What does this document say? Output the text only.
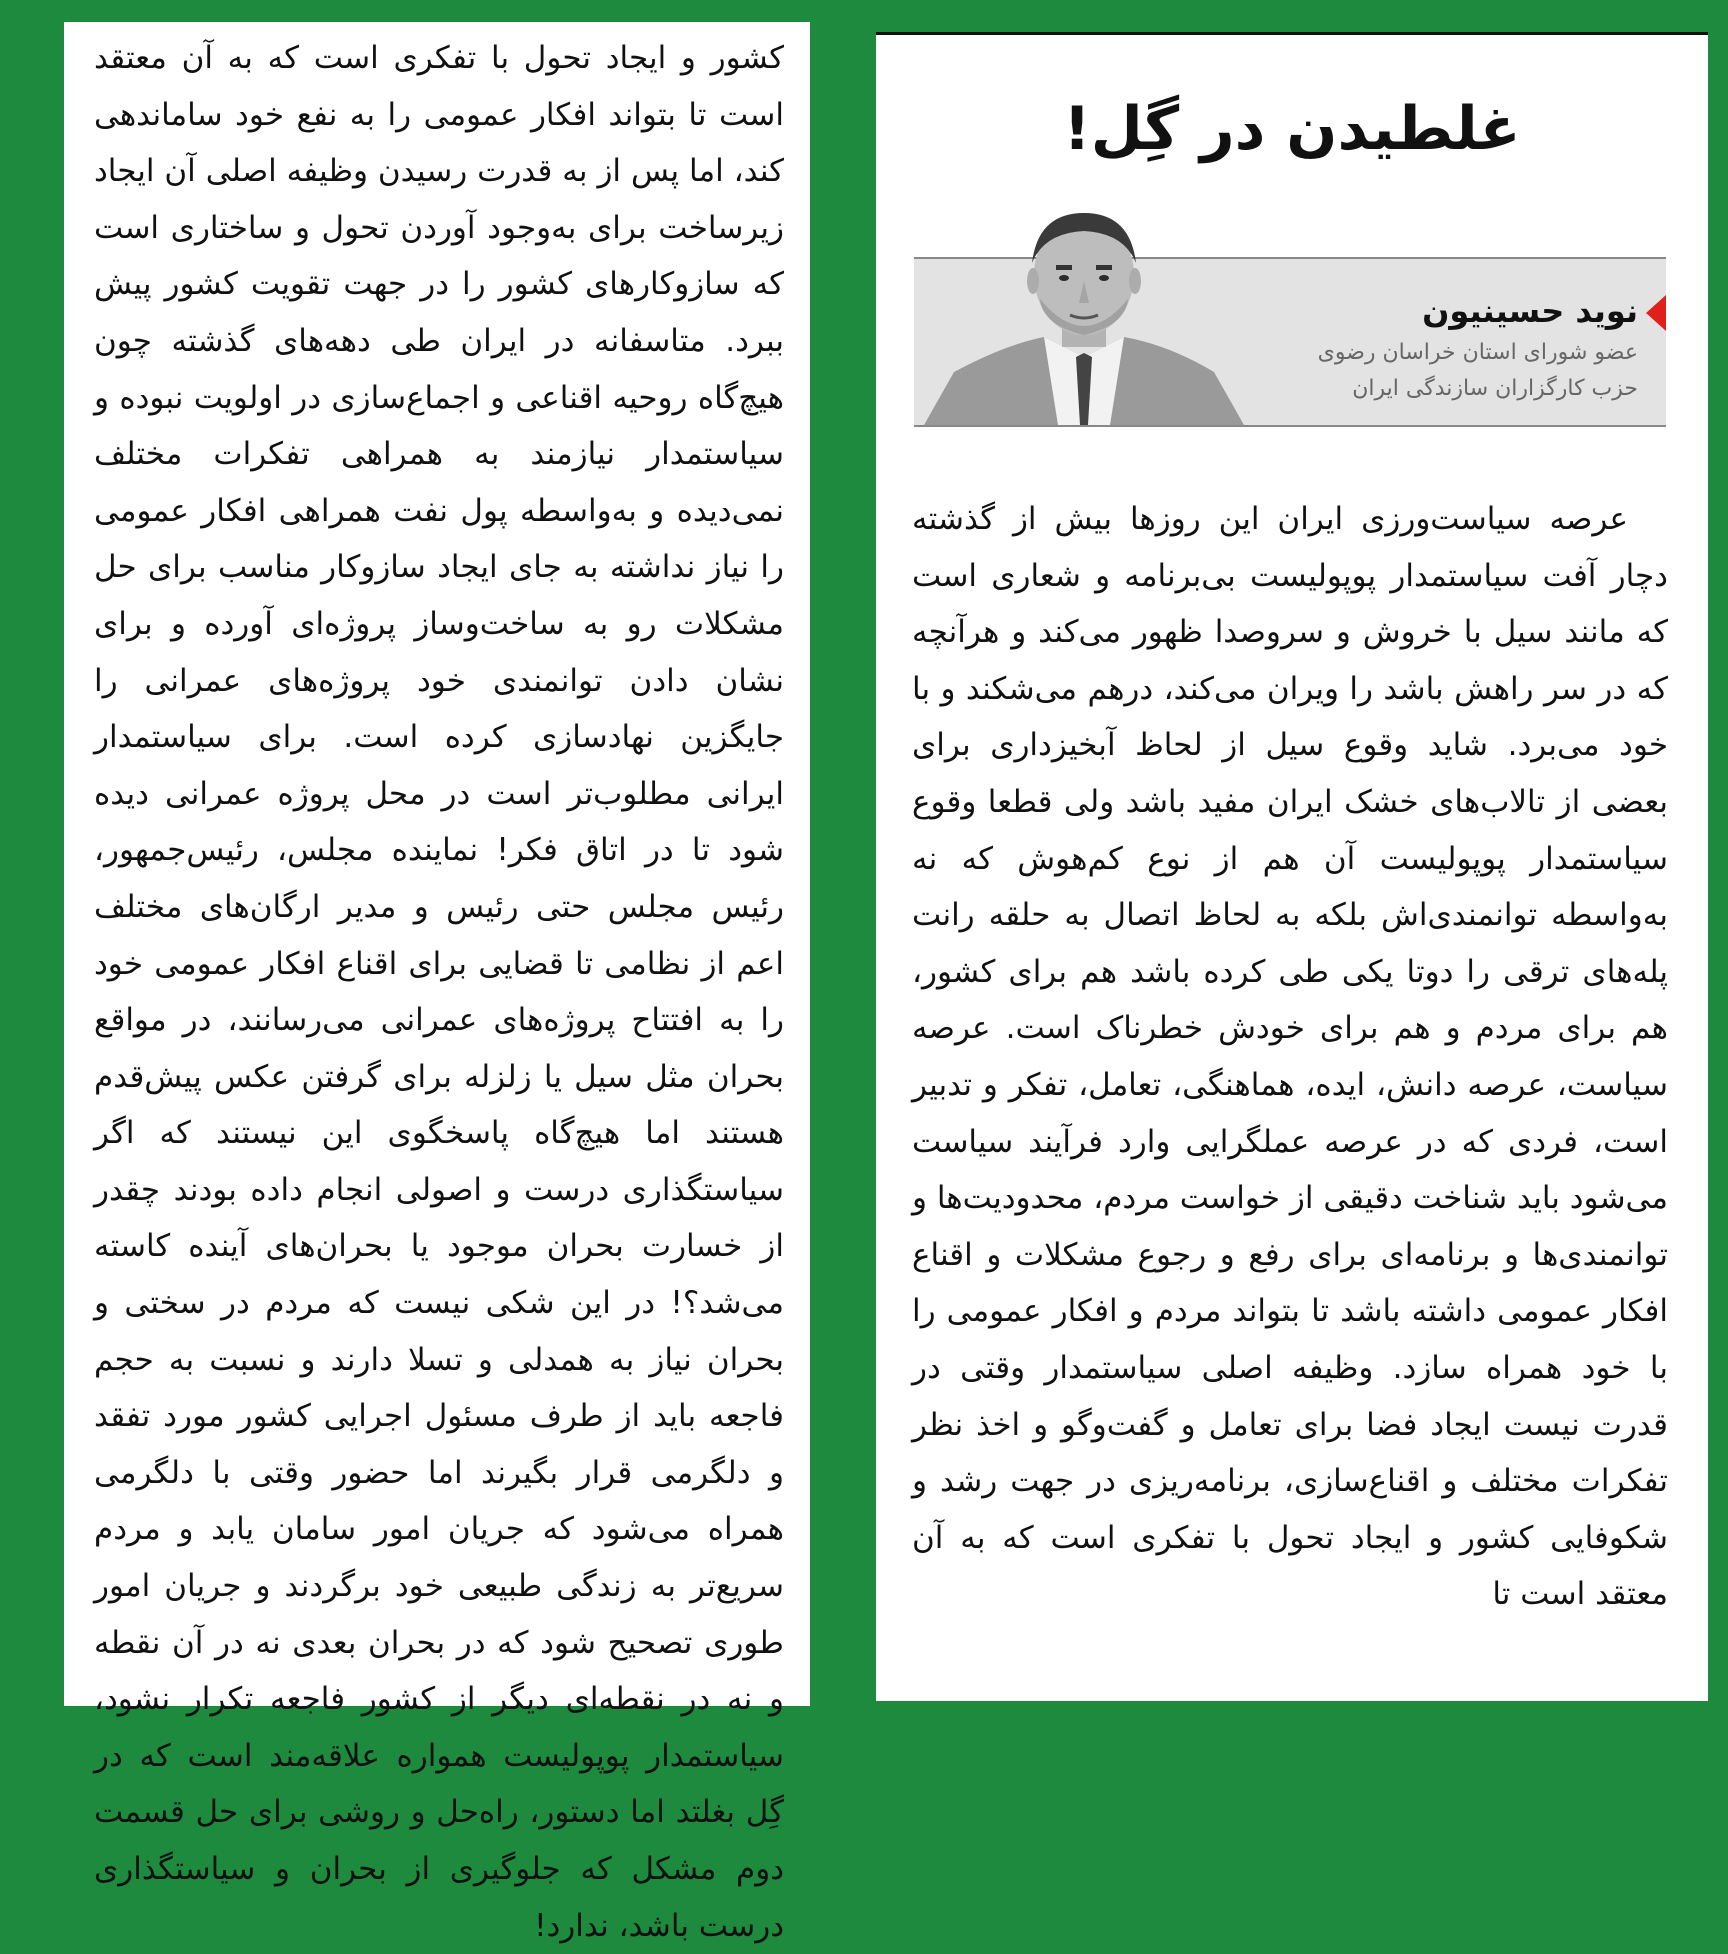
کشور و ایجاد تحول با تفکری است که به آن معتقد است تا بتواند افکار عمومی را به نفع خود ساماندهی کند، اما پس از به قدرت رسیدن وظیفه اصلی آن ایجاد زیرساخت برای به‌وجود آوردن تحول و ساختاری است که سازوکارهای کشور را در جهت تقویت کشور پیش ببرد. متاسفانه در ایران طی دهه‌های گذشته چون هیچ‌گاه روحیه اقناعی و اجماع‌سازی در اولویت نبوده و سیاستمدار نیازمند به همراهی تفکرات مختلف نمی‌دیده و به‌واسطه پول نفت همراهی افکار عمومی را نیاز نداشته به جای ایجاد سازوکار مناسب برای حل مشکلات رو به ساخت‌وساز پروژه‌ای آورده و برای نشان دادن توانمندی خود پروژه‌های عمرانی را جایگزین نهادسازی کرده است. برای سیاستمدار ایرانی مطلوب‌تر است در محل پروژه عمرانی دیده شود تا در اتاق فکر! نماینده مجلس، رئیس‌جمهور، رئیس مجلس حتی رئیس و مدیر ارگان‌های مختلف اعم از نظامی تا قضایی برای اقناع افکار عمومی خود را به افتتاح پروژه‌های عمرانی می‌رسانند، در مواقع بحران مثل سیل یا زلزله برای گرفتن عکس پیش‌قدم هستند اما هیچ‌گاه پاسخگوی این نیستند که اگر سیاستگذاری درست و اصولی انجام داده بودند چقدر از خسارت بحران موجود یا بحران‌های آینده کاسته می‌شد؟! در این شکی نیست که مردم در سختی و بحران نیاز به همدلی و تسلا دارند و نسبت به حجم فاجعه باید از طرف مسئول اجرایی کشور مورد تفقد و دلگرمی قرار بگیرند اما حضور وقتی با دلگرمی همراه می‌شود که جریان امور سامان یابد و مردم سریع‌تر به زندگی طبیعی خود برگردند و جریان امور طوری تصحیح شود که در بحران بعدی نه در آن نقطه و نه در نقطه‌ای دیگر از کشور فاجعه تکرار نشود، سیاستمدار پوپولیست همواره علاقه‌مند است که در گِل بغلتد اما دستور، راه‌حل و روشی برای حل قسمت دوم مشکل که جلوگیری از بحران و سیاستگذاری درست باشد، ندارد!

غلطیدن در گِل!
نوید حسینیون
عضو شورای استان خراسان رضوی
حزب کارگزاران سازندگی ایران

عرصه سیاست‌ورزی ایران این روزها بیش از گذشته دچار آفت سیاستمدار پوپولیست بی‌برنامه و شعاری است که مانند سیل با خروش و سروصدا ظهور می‌کند و هرآنچه که در سر راهش باشد را ویران می‌کند، درهم می‌شکند و با خود می‌برد. شاید وقوع سیل از لحاظ آبخیزداری برای بعضی از تالاب‌های خشک ایران مفید باشد ولی قطعا وقوع سیاستمدار پوپولیست آن هم از نوع کم‌هوش که نه به‌واسطه توانمندی‌اش بلکه به لحاظ اتصال به حلقه رانت پله‌های ترقی را دوتا یکی طی کرده باشد هم برای کشور، هم برای مردم و هم برای خودش خطرناک است. عرصه سیاست، عرصه دانش، ایده، هماهنگی، تعامل، تفکر و تدبیر است، فردی که در عرصه عملگرایی وارد فرآیند سیاست می‌شود باید شناخت دقیقی از خواست مردم، محدودیت‌ها و توانمندی‌ها و برنامه‌ای برای رفع و رجوع مشکلات و اقناع افکار عمومی داشته باشد تا بتواند مردم و افکار عمومی را با خود همراه سازد. وظیفه اصلی سیاستمدار وقتی در قدرت نیست ایجاد فضا برای تعامل و گفت‌وگو و اخذ نظر تفکرات مختلف و اقناع‌سازی، برنامه‌ریزی در جهت رشد و شکوفایی کشور و ایجاد تحول با تفکری است که به آن معتقد است تا
